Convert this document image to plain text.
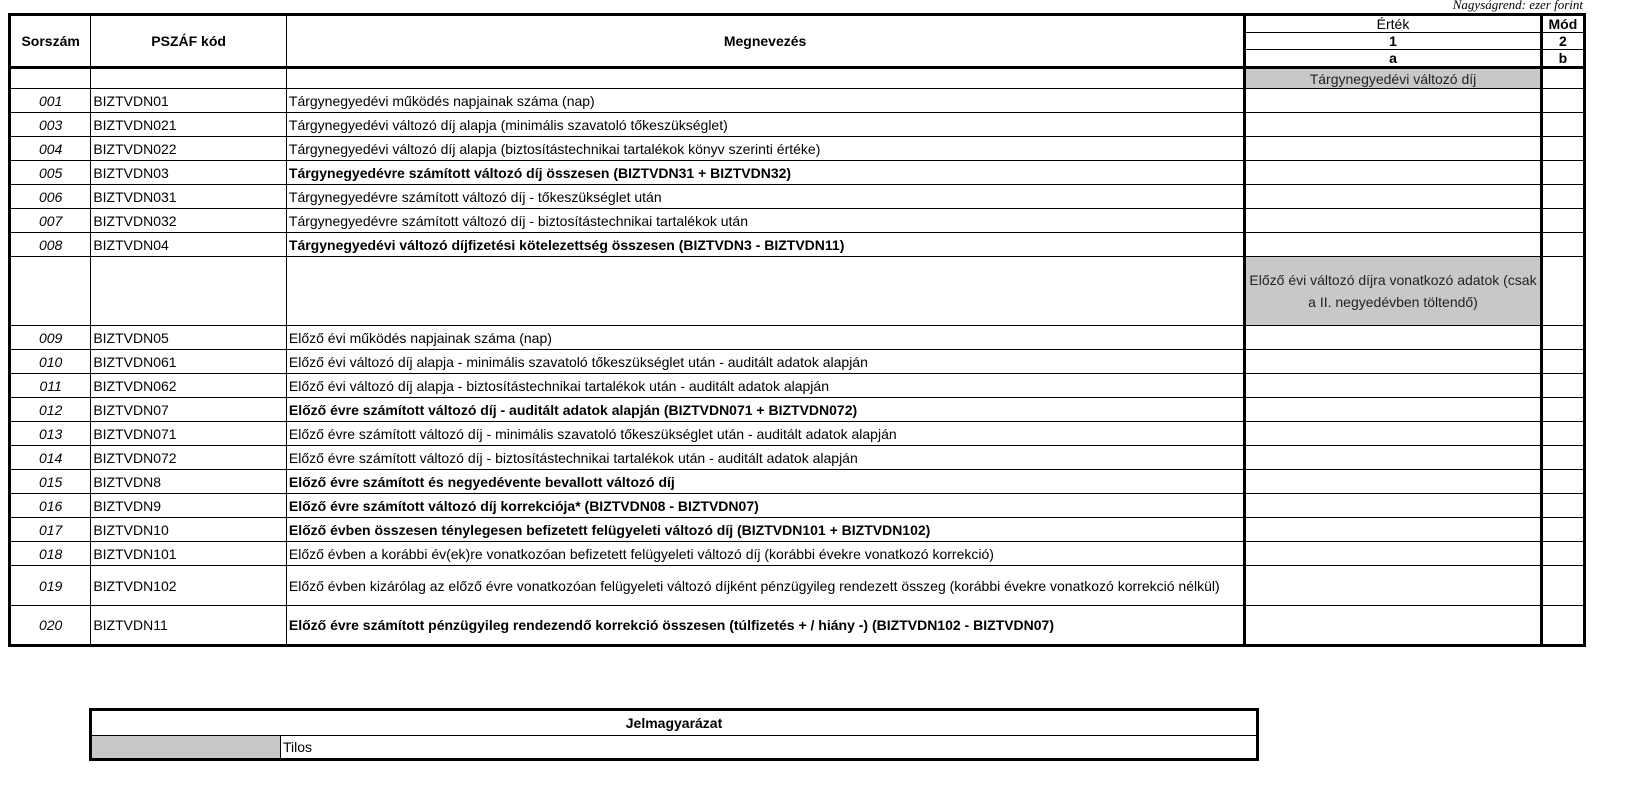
Nagyságrend: ezer forint
Sorszám	PSZÁF kód	Megnevezés	Érték	Mód
			1	2
			a	b
			Tárgynegyedévi változó díj	
001	BIZTVDN01	Tárgynegyedévi működés napjainak száma (nap)		
003	BIZTVDN021	Tárgynegyedévi változó díj alapja (minimális szavatoló tőkeszükséglet)		
004	BIZTVDN022	Tárgynegyedévi változó díj alapja (biztosítástechnikai tartalékok könyv szerinti értéke)		
005	BIZTVDN03	Tárgynegyedévre számított változó díj összesen (BIZTVDN31 + BIZTVDN32)		
006	BIZTVDN031	Tárgynegyedévre számított változó díj - tőkeszükséglet után		
007	BIZTVDN032	Tárgynegyedévre számított változó díj - biztosítástechnikai tartalékok után		
008	BIZTVDN04	Tárgynegyedévi változó díjfizetési kötelezettség összesen (BIZTVDN3 - BIZTVDN11)		
			Előző évi változó díjra vonatkozó adatok (csak a II. negyedévben töltendő)	
009	BIZTVDN05	Előző évi működés napjainak száma (nap)		
010	BIZTVDN061	Előző évi változó díj alapja - minimális szavatoló tőkeszükséglet után - auditált adatok alapján		
011	BIZTVDN062	Előző évi változó díj alapja - biztosítástechnikai tartalékok után - auditált adatok alapján		
012	BIZTVDN07	Előző évre számított változó díj - auditált adatok alapján (BIZTVDN071 + BIZTVDN072)		
013	BIZTVDN071	Előző évre számított változó díj - minimális szavatoló tőkeszükséglet után - auditált adatok alapján		
014	BIZTVDN072	Előző évre számított változó díj - biztosítástechnikai tartalékok után - auditált adatok alapján		
015	BIZTVDN8	Előző évre számított és negyedévente bevallott változó díj		
016	BIZTVDN9	Előző évre számított változó díj korrekciója* (BIZTVDN08 - BIZTVDN07)		
017	BIZTVDN10	Előző évben összesen ténylegesen befizetett felügyeleti változó díj (BIZTVDN101 + BIZTVDN102)		
018	BIZTVDN101	Előző évben a korábbi év(ek)re vonatkozóan befizetett felügyeleti változó díj (korábbi évekre vonatkozó korrekció)		
019	BIZTVDN102	Előző évben kizárólag az előző évre vonatkozóan felügyeleti változó díjként pénzügyileg rendezett összeg (korábbi évekre vonatkozó korrekció nélkül)		
020	BIZTVDN11	Előző évre számított pénzügyileg rendezendő korrekció összesen (túlfizetés + / hiány -) (BIZTVDN102 - BIZTVDN07)		
Jelmagyarázat
	Tilos
